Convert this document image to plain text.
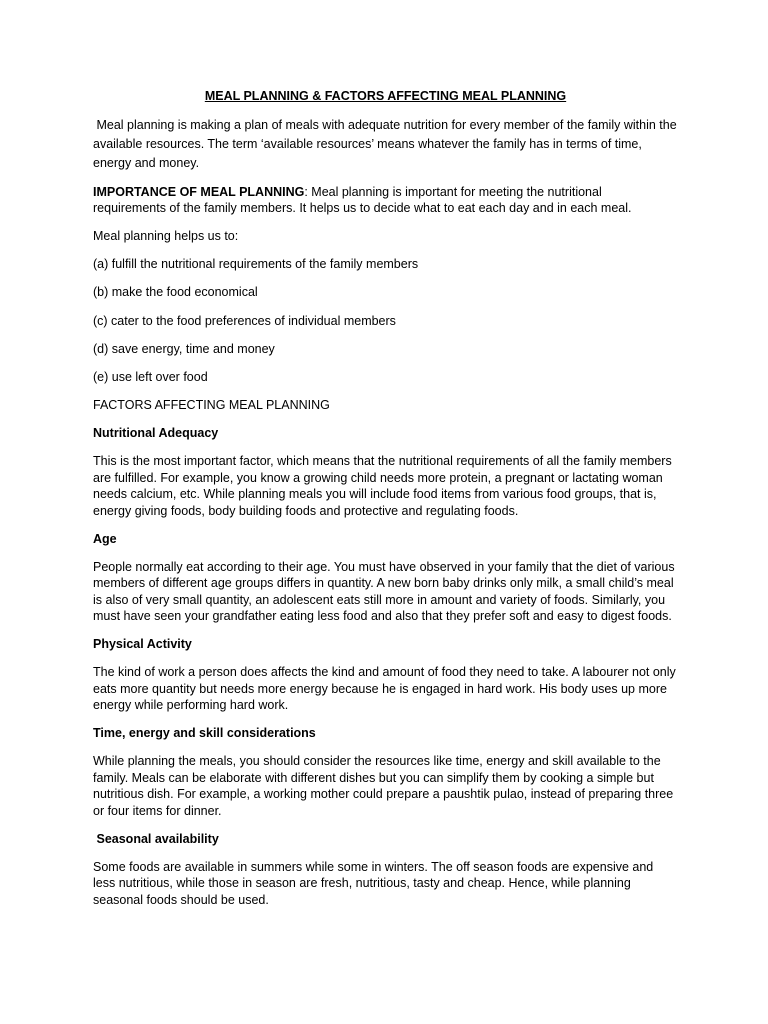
MEAL PLANNING & FACTORS AFFECTING MEAL PLANNING

Meal planning is making a plan of meals with adequate nutrition for every member of the family within the available resources. The term ‘available resources’ means whatever the family has in terms of time, energy and money.

IMPORTANCE OF MEAL PLANNING: Meal planning is important for meeting the nutritional requirements of the family members. It helps us to decide what to eat each day and in each meal.

Meal planning helps us to:

(a) fulfill the nutritional requirements of the family members

(b) make the food economical

(c) cater to the food preferences of individual members

(d) save energy, time and money

(e) use left over food

FACTORS AFFECTING MEAL PLANNING

Nutritional Adequacy

This is the most important factor, which means that the nutritional requirements of all the family members are fulfilled. For example, you know a growing child needs more protein, a pregnant or lactating woman needs calcium, etc. While planning meals you will include food items from various food groups, that is, energy giving foods, body building foods and protective and regulating foods.

Age

People normally eat according to their age. You must have observed in your family that the diet of various members of different age groups differs in quantity. A new born baby drinks only milk, a small child’s meal is also of very small quantity, an adolescent eats still more in amount and variety of foods. Similarly, you must have seen your grandfather eating less food and also that they prefer soft and easy to digest foods.

Physical Activity

The kind of work a person does affects the kind and amount of food they need to take. A labourer not only eats more quantity but needs more energy because he is engaged in hard work. His body uses up more energy while performing hard work.

Time, energy and skill considerations

While planning the meals, you should consider the resources like time, energy and skill available to the family. Meals can be elaborate with different dishes but you can simplify them by cooking a simple but nutritious dish. For example, a working mother could prepare a paushtik pulao, instead of preparing three or four items for dinner.

Seasonal availability

Some foods are available in summers while some in winters. The off season foods are expensive and less nutritious, while those in season are fresh, nutritious, tasty and cheap. Hence, while planning seasonal foods should be used.
